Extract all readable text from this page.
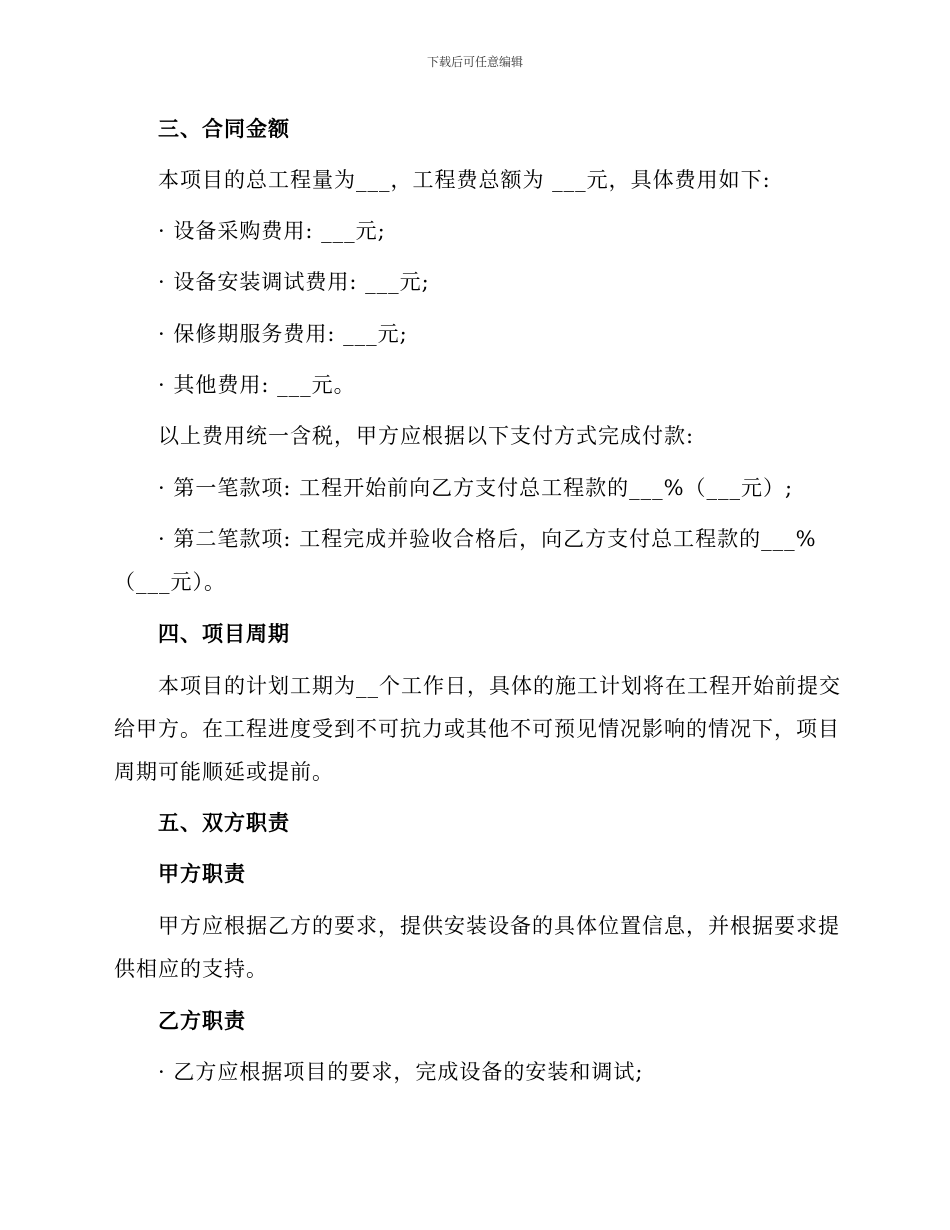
下载后可任意编辑
三、合同金额
本项目的总工程量为___，工程费总额为 ___元，具体费用如下:
· 设备采购费用: ___元;
· 设备安装调试费用: ___元;
· 保修期服务费用: ___元;
· 其他费用: ___元。
以上费用统一含税，甲方应根据以下支付方式完成付款:
· 第一笔款项: 工程开始前向乙方支付总工程款的___%（___元）;
· 第二笔款项: 工程完成并验收合格后，向乙方支付总工程款的___%
（___元）。
四、项目周期
本项目的计划工期为__个工作日，具体的施工计划将在工程开始前提交
给甲方。在工程进度受到不可抗力或其他不可预见情况影响的情况下，项目
周期可能顺延或提前。
五、双方职责
甲方职责
甲方应根据乙方的要求，提供安装设备的具体位置信息，并根据要求提
供相应的支持。
乙方职责
· 乙方应根据项目的要求，完成设备的安装和调试;
